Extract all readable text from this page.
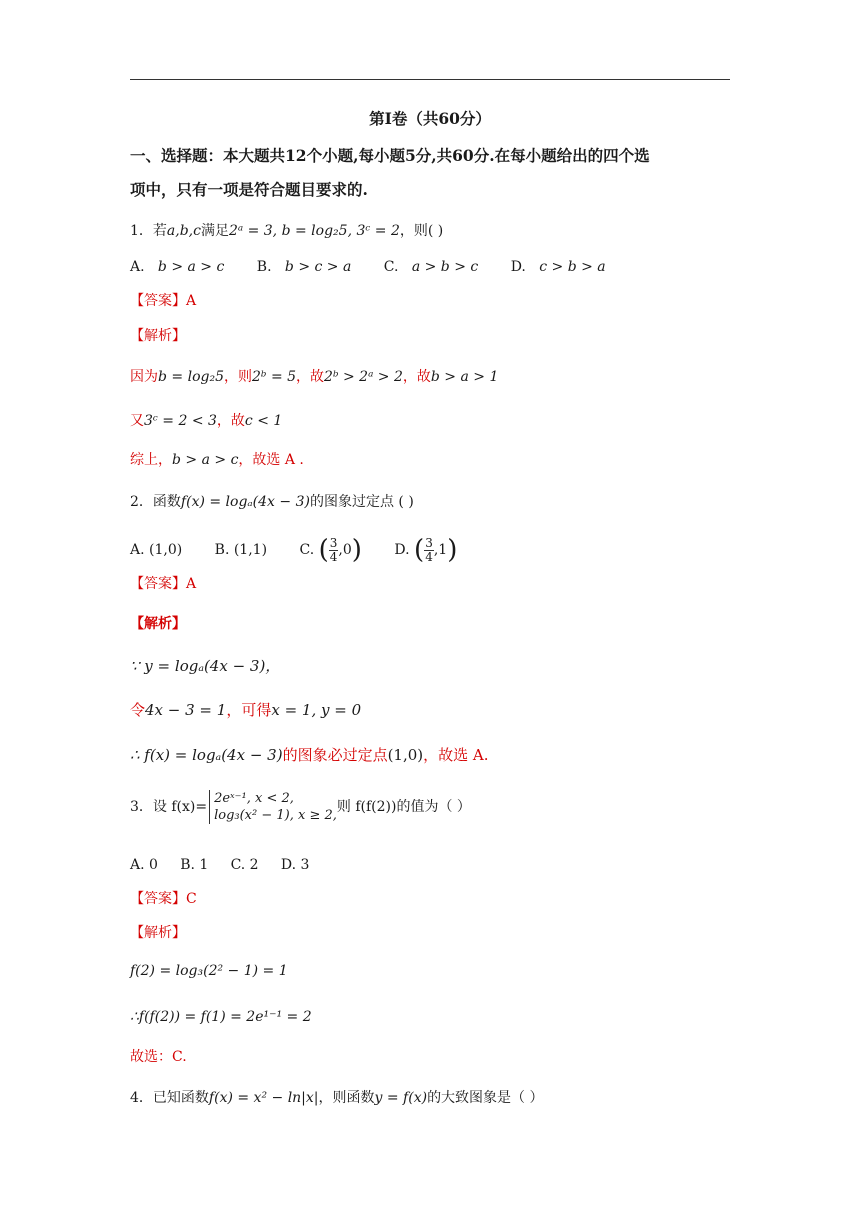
第Ⅰ卷（共60分）
一、选择题：本大题共12个小题,每小题5分,共60分.在每小题给出的四个选
项中，只有一项是符合题目要求的.
1．若a,b,c满足2ᵃ = 3, b = log₂5, 3ᶜ = 2，则( )
A. b > a > c B. b > c > a C. a > b > c D. c > b > a
【答案】A
【解析】
因为b = log₂5，则2ᵇ = 5，故2ᵇ > 2ᵃ > 2，故b > a > 1
又3ᶜ = 2 < 3，故c < 1
综上，b > a > c，故选 A .
2．函数f(x) = logₐ(4x − 3)的图象过定点 ( )
A. (1,0) B. (1,1) C. ( $\frac{3}{4} ,0$) D. ( $\frac{3}{4} ,1$)
【答案】A
【解析】
∵ y = logₐ(4x − 3)，
令4x − 3 = 1，可得x = 1, y = 0
∴ f(x) = logₐ(4x − 3)的图象必过定点(1,0)，故选 A.
3．设 f(x)=
2eˣ⁻¹, x < 2,
log₃(x² − 1), x ≥ 2,
则 f(f(2))的值为（ ）
A. 0 B. 1 C. 2 D. 3
【答案】C
【解析】
f(2) = log₃(2² − 1) = 1
∴f(f(2)) = f(1) = 2e¹⁻¹ = 2
故选：C.
4．已知函数f(x) = x² − ln|x|，则函数y = f(x)的大致图象是（ ）
